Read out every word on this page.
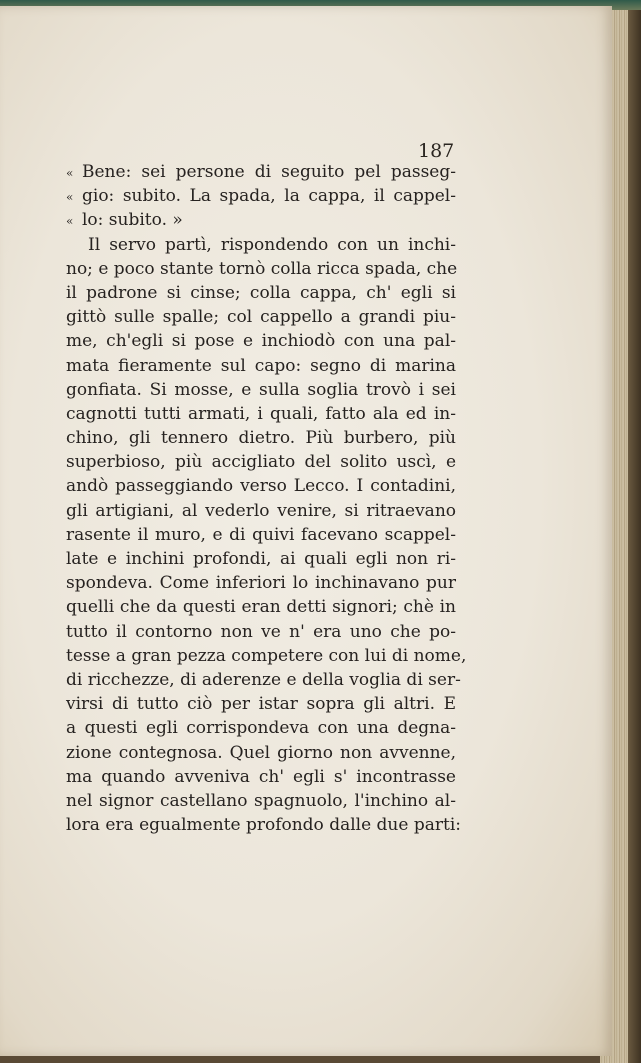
187
« Bene: sei persone di seguito pel passeg-
« gio: subito. La spada, la cappa, il cappel-
« lo: subito. »
Il servo partì, rispondendo con un inchi-
no; e poco stante tornò colla ricca spada, che
il padrone si cinse; colla cappa, ch' egli si
gittò sulle spalle; col cappello a grandi piu-
me, ch'egli si pose e inchiodò con una pal-
mata fieramente sul capo: segno di marina
gonfiata. Si mosse, e sulla soglia trovò i sei
cagnotti tutti armati, i quali, fatto ala ed in-
chino, gli tennero dietro. Più burbero, più
superbioso, più accigliato del solito uscì, e
andò passeggiando verso Lecco. I contadini,
gli artigiani, al vederlo venire, si ritraevano
rasente il muro, e di quivi facevano scappel-
late e inchini profondi, ai quali egli non ri-
spondeva. Come inferiori lo inchinavano pur
quelli che da questi eran detti signori; chè in
tutto il contorno non ve n' era uno che po-
tesse a gran pezza competere con lui di nome,
di ricchezze, di aderenze e della voglia di ser-
virsi di tutto ciò per istar sopra gli altri. E
a questi egli corrispondeva con una degna-
zione contegnosa. Quel giorno non avvenne,
ma quando avveniva ch' egli s' incontrasse
nel signor castellano spagnuolo, l'inchino al-
lora era egualmente profondo dalle due parti:
